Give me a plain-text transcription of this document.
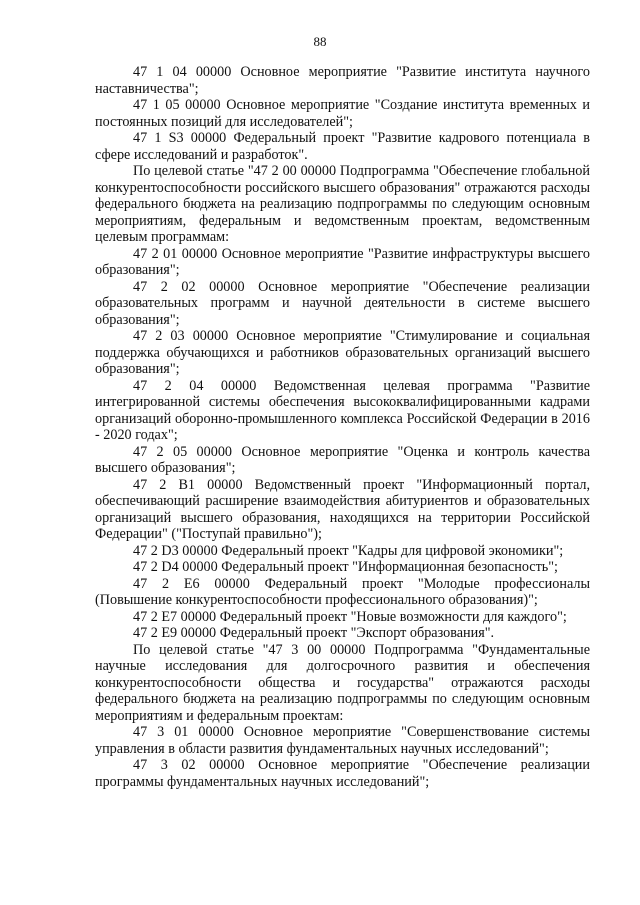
88

47 1 04 00000 Основное мероприятие "Развитие института научного наставничества";

47 1 05 00000 Основное мероприятие "Создание института временных и постоянных позиций для исследователей";

47 1 S3 00000 Федеральный проект "Развитие кадрового потенциала в сфере исследований и разработок".

По целевой статье "47 2 00 00000 Подпрограмма "Обеспечение глобальной конкурентоспособности российского высшего образования" отражаются расходы федерального бюджета на реализацию подпрограммы по следующим основным мероприятиям, федеральным и ведомственным проектам, ведомственным целевым программам:

47 2 01 00000 Основное мероприятие "Развитие инфраструктуры высшего образования";

47 2 02 00000 Основное мероприятие "Обеспечение реализации образовательных программ и научной деятельности в системе высшего образования";

47 2 03 00000 Основное мероприятие "Стимулирование и социальная поддержка обучающихся и работников образовательных организаций высшего образования";

47 2 04 00000 Ведомственная целевая программа "Развитие интегрированной системы обеспечения высококвалифицированными кадрами организаций оборонно-промышленного комплекса Российской Федерации в 2016 - 2020 годах";

47 2 05 00000 Основное мероприятие "Оценка и контроль качества высшего образования";

47 2 B1 00000 Ведомственный проект "Информационный портал, обеспечивающий расширение взаимодействия абитуриентов и образовательных организаций высшего образования, находящихся на территории Российской Федерации" ("Поступай правильно");

47 2 D3 00000 Федеральный проект "Кадры для цифровой экономики";

47 2 D4 00000 Федеральный проект "Информационная безопасность";

47 2 E6 00000 Федеральный проект "Молодые профессионалы (Повышение конкурентоспособности профессионального образования)";

47 2 E7 00000 Федеральный проект "Новые возможности для каждого";

47 2 E9 00000 Федеральный проект "Экспорт образования".

По целевой статье "47 3 00 00000 Подпрограмма "Фундаментальные научные исследования для долгосрочного развития и обеспечения конкурентоспособности общества и государства" отражаются расходы федерального бюджета на реализацию подпрограммы по следующим основным мероприятиям и федеральным проектам:

47 3 01 00000 Основное мероприятие "Совершенствование системы управления в области развития фундаментальных научных исследований";

47 3 02 00000 Основное мероприятие "Обеспечение реализации программы фундаментальных научных исследований";
